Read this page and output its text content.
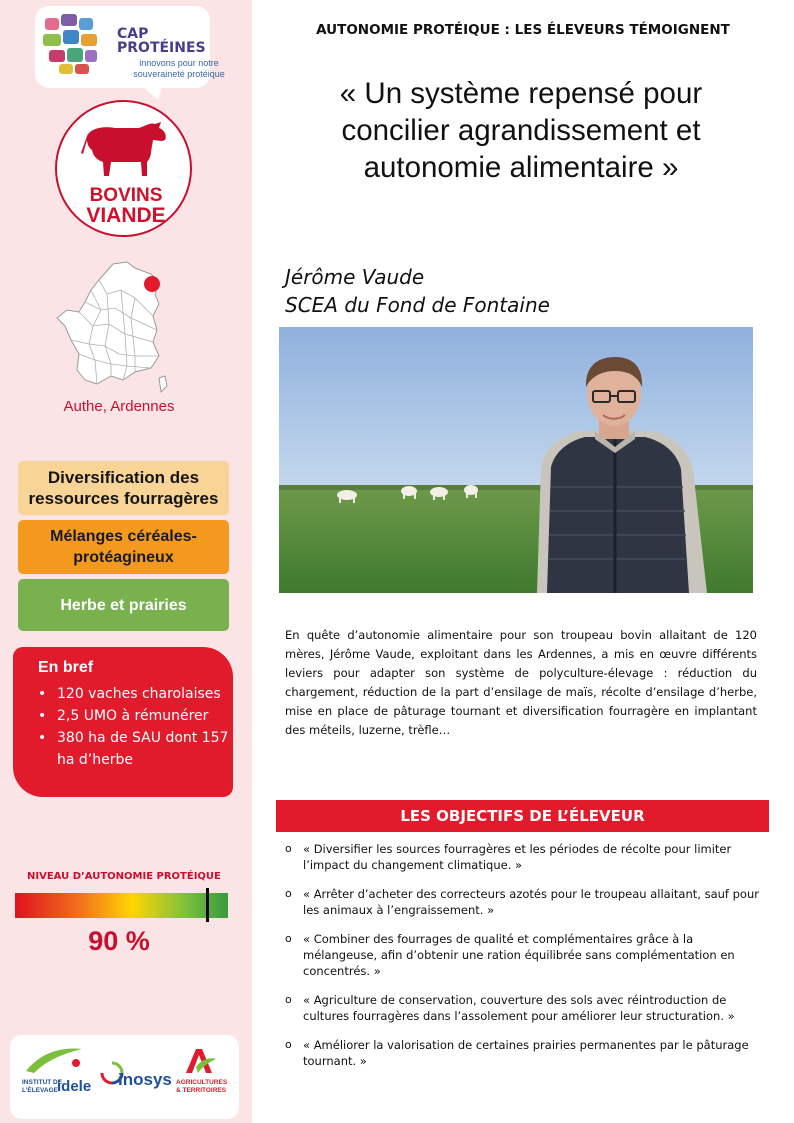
CAP
PROTÉINES
innovons pour notre
souveraineté protéique
BOVINS
VIANDE
Authe, Ardennes
Diversification des ressources fourragères
Mélanges céréales-protéagineux
Herbe et prairies
En bref
• 120 vaches charolaises
• 2,5 UMO à rémunérer
• 380 ha de SAU dont 157 ha d’herbe
NIVEAU D’AUTONOMIE PROTÉIQUE
90 %
INSTITUT DE
L’ÉLEVAGE idele inosys AGRICULTURES
& TERRITOIRES
AUTONOMIE PROTÉIQUE : LES ÉLEVEURS TÉMOIGNENT
« Un système repensé pour concilier agrandissement et autonomie alimentaire »
Jérôme Vaude
SCEA du Fond de Fontaine
En quête d’autonomie alimentaire pour son troupeau bovin allaitant de 120 mères, Jérôme Vaude, exploitant dans les Ardennes, a mis en œuvre différents leviers pour adapter son système de polyculture-élevage : réduction du chargement, réduction de la part d’ensilage de maïs, récolte d’ensilage d’herbe, mise en place de pâturage tournant et diversification fourragère en implantant des méteils, luzerne, trèfle…
LES OBJECTIFS DE L’ÉLEVEUR
o « Diversifier les sources fourragères et les périodes de récolte pour limiter l’impact du changement climatique. »
o « Arrêter d’acheter des correcteurs azotés pour le troupeau allaitant, sauf pour les animaux à l’engraissement. »
o « Combiner des fourrages de qualité et complémentaires grâce à la mélangeuse, afin d’obtenir une ration équilibrée sans complémentation en concentrés. »
o « Agriculture de conservation, couverture des sols avec réintroduction de cultures fourragères dans l’assolement pour améliorer leur structuration. »
o « Améliorer la valorisation de certaines prairies permanentes par le pâturage tournant. »
